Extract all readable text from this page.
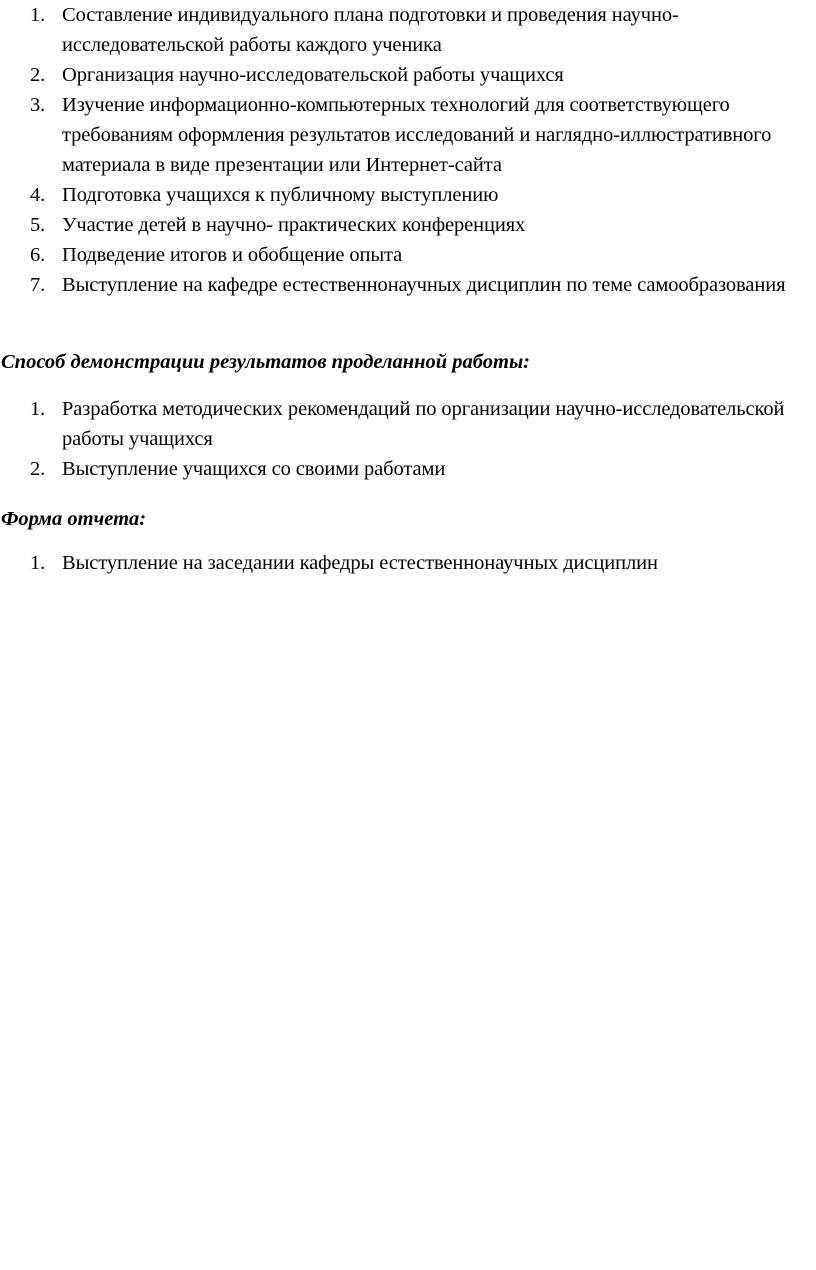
1. Составление индивидуального плана подготовки и проведения научно-исследовательской работы каждого ученика
2. Организация научно-исследовательской работы учащихся
3. Изучение информационно-компьютерных технологий для соответствующего требованиям оформления результатов исследований и наглядно-иллюстративного материала в виде презентации или Интернет-сайта
4. Подготовка учащихся к публичному выступлению
5. Участие детей в научно- практических конференциях
6. Подведение итогов и обобщение опыта
7. Выступление на кафедре естественнонаучных дисциплин по теме самообразования
Способ демонстрации результатов проделанной работы:
1. Разработка методических рекомендаций по организации научно-исследовательской работы учащихся
2. Выступление учащихся со своими работами
Форма отчета:
1. Выступление на заседании кафедры естественнонаучных дисциплин
